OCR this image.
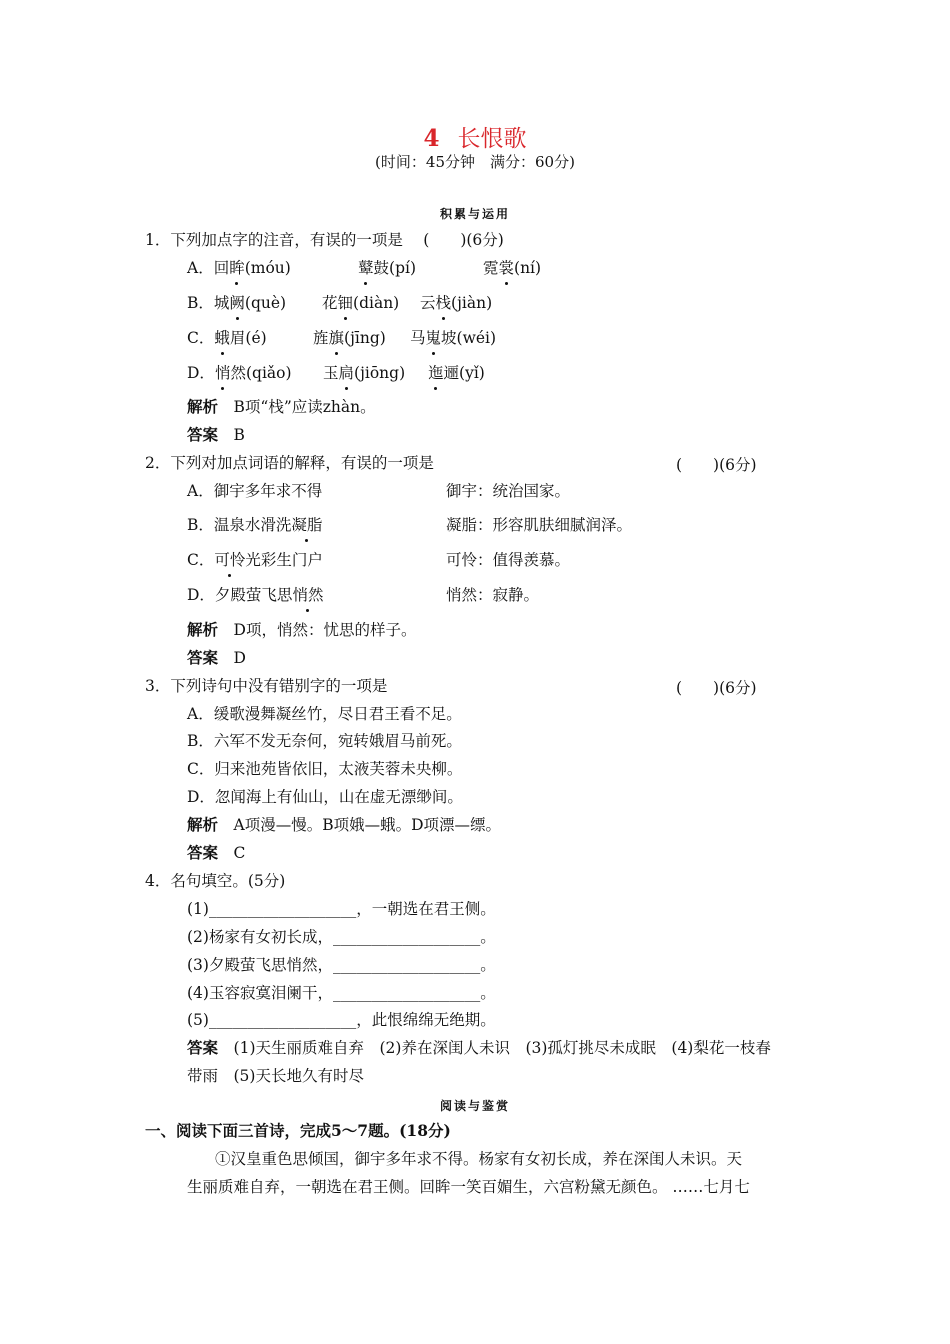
4 长恨歌
(时间：45分钟　满分：60分)
积累与运用
1．下列加点字的注音，有误的一项是　 (　　)(6分)
A．回眸(móu)	鼙鼓(pí)	霓裳(ní)
B．城阙(què) 花钿(diàn) 云栈(jiàn)
C．蛾眉(é)	旌旗(jīng) 马嵬坡(wéi)
D．悄然(qiǎo) 玉扃(jiōng) 迤逦(yǐ)
解析　 B项“栈”应读zhàn。
答案　 B
2．下列对加点词语的解释，有误的一项是	(　　)(6分)
A．御宇多年求不得	御宇：统治国家。
B．温泉水滑洗凝脂	凝脂：形容肌肤细腻润泽。
C．可怜光彩生门户	可怜：值得羡慕。
D．夕殿萤飞思悄然	悄然：寂静。
解析　 D项，悄然：忧思的样子。
答案　 D
3．下列诗句中没有错别字的一项是	(　　)(6分)
A．缓歌漫舞凝丝竹，尽日君王看不足。
B．六军不发无奈何，宛转娥眉马前死。
C．归来池苑皆依旧，太液芙蓉未央柳。
D．忽闻海上有仙山，山在虚无漂缈间。
解析　 A项漫—慢。B项娥—蛾。D项漂—缥。
答案　 C
4．名句填空。(5分)
(1)___________________，一朝选在君王侧。
(2)杨家有女初长成，___________________。
(3)夕殿萤飞思悄然，___________________。
(4)玉容寂寞泪阑干，___________________。
(5)___________________，此恨绵绵无绝期。
答案　 (1)天生丽质难自弃　(2)养在深闺人未识　(3)孤灯挑尽未成眠　(4)梨花一枝春
带雨　(5)天长地久有时尽
阅读与鉴赏
一、阅读下面三首诗，完成5～7题。(18分)
①汉皇重色思倾国，御宇多年求不得。杨家有女初长成，养在深闺人未识。天
生丽质难自弃，一朝选在君王侧。回眸一笑百媚生，六宫粉黛无颜色。 ……七月七
